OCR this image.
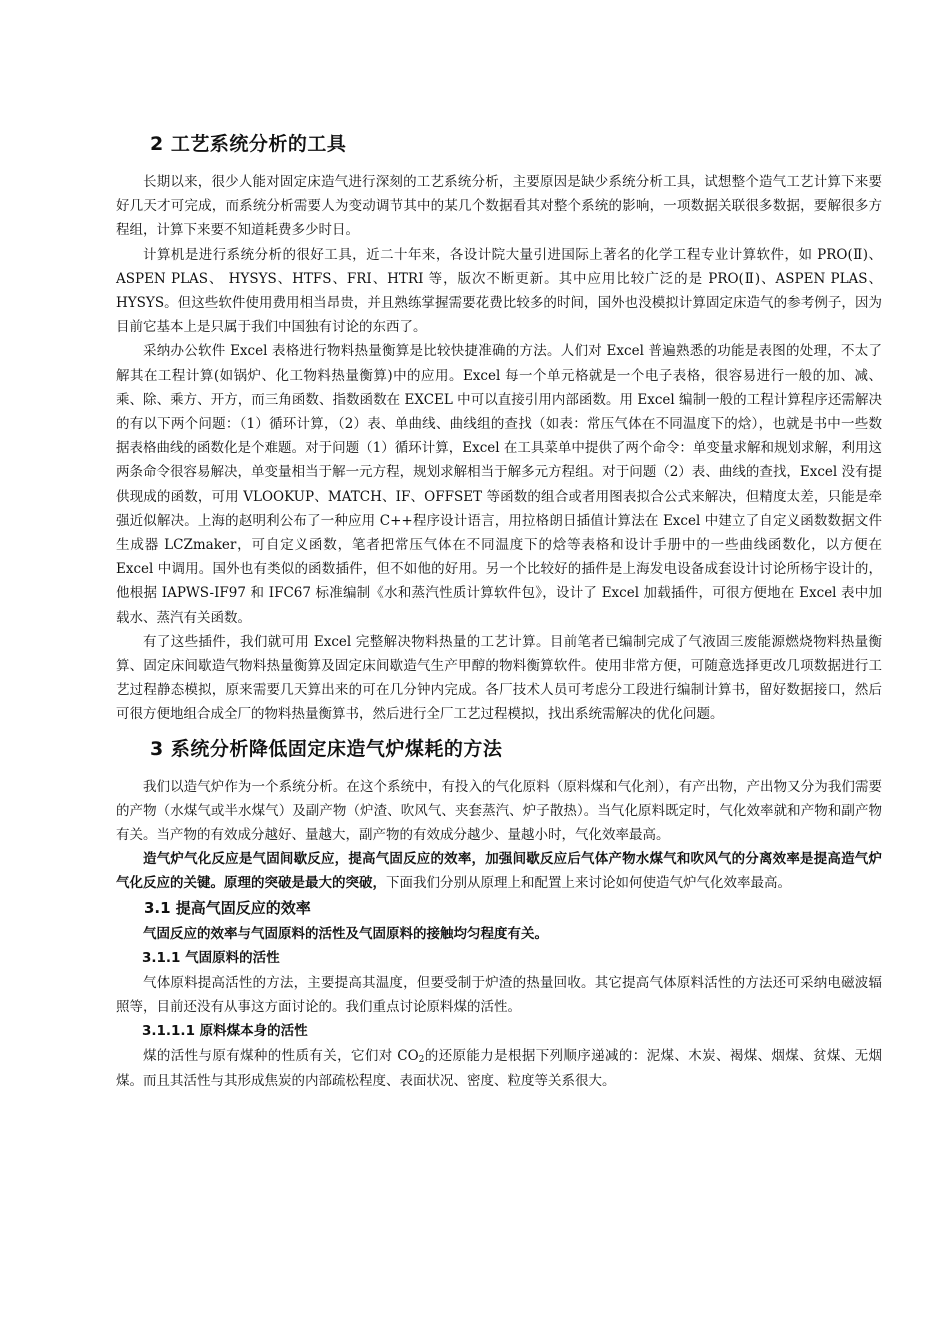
2 工艺系统分析的工具

长期以来，很少人能对固定床造气进行深刻的工艺系统分析，主要原因是缺少系统分析工具，试想整个造气工艺计算下来要好几天才可完成，而系统分析需要人为变动调节其中的某几个数据看其对整个系统的影响，一项数据关联很多数据，要解很多方程组，计算下来要不知道耗费多少时日。

计算机是进行系统分析的很好工具，近二十年来，各设计院大量引进国际上著名的化学工程专业计算软件，如 PRO(Ⅱ)、ASPEN PLAS、 HYSYS、HTFS、FRI、HTRI 等，版次不断更新。其中应用比较广泛的是 PRO(Ⅱ)、ASPEN PLAS、 HYSYS。但这些软件使用费用相当昂贵，并且熟练掌握需要花费比较多的时间，国外也没模拟计算固定床造气的参考例子，因为目前它基本上是只属于我们中国独有讨论的东西了。

采纳办公软件 Excel 表格进行物料热量衡算是比较快捷准确的方法。人们对 Excel 普遍熟悉的功能是表图的处理，不太了解其在工程计算(如锅炉、化工物料热量衡算)中的应用。Excel 每一个单元格就是一个电子表格，很容易进行一般的加、减、乘、除、乘方、开方，而三角函数、指数函数在 EXCEL 中可以直接引用内部函数。用 Excel 编制一般的工程计算程序还需解决的有以下两个问题：（1）循环计算，（2）表、单曲线、曲线组的查找（如表：常压气体在不同温度下的焓），也就是书中一些数据表格曲线的函数化是个难题。对于问题（1）循环计算，Excel 在工具菜单中提供了两个命令：单变量求解和规划求解，利用这两条命令很容易解决，单变量相当于解一元方程，规划求解相当于解多元方程组。对于问题（2）表、曲线的查找，Excel 没有提供现成的函数，可用 VLOOKUP、MATCH、IF、OFFSET 等函数的组合或者用图表拟合公式来解决，但精度太差，只能是牵强近似解决。上海的赵明利公布了一种应用 C++程序设计语言，用拉格朗日插值计算法在 Excel 中建立了自定义函数数据文件生成器 LCZmaker，可自定义函数，笔者把常压气体在不同温度下的焓等表格和设计手册中的一些曲线函数化，以方便在 Excel 中调用。国外也有类似的函数插件，但不如他的好用。另一个比较好的插件是上海发电设备成套设计讨论所杨宇设计的，他根据 IAPWS-IF97 和 IFC67 标准编制《水和蒸汽性质计算软件包》，设计了 Excel 加载插件，可很方便地在 Excel 表中加载水、蒸汽有关函数。

有了这些插件，我们就可用 Excel 完整解决物料热量的工艺计算。目前笔者已编制完成了气液固三废能源燃烧物料热量衡算、固定床间歇造气物料热量衡算及固定床间歇造气生产甲醇的物料衡算软件。使用非常方便，可随意选择更改几项数据进行工艺过程静态模拟，原来需要几天算出来的可在几分钟内完成。各厂技术人员可考虑分工段进行编制计算书，留好数据接口，然后可很方便地组合成全厂的物料热量衡算书，然后进行全厂工艺过程模拟，找出系统需解决的优化问题。

3 系统分析降低固定床造气炉煤耗的方法

我们以造气炉作为一个系统分析。在这个系统中，有投入的气化原料（原料煤和气化剂），有产出物，产出物又分为我们需要的产物（水煤气或半水煤气）及副产物（炉渣、吹风气、夹套蒸汽、炉子散热）。当气化原料既定时，气化效率就和产物和副产物有关。当产物的有效成分越好、量越大，副产物的有效成分越少、量越小时，气化效率最高。

造气炉气化反应是气固间歇反应，提高气固反应的效率，加强间歇反应后气体产物水煤气和吹风气的分离效率是提高造气炉气化反应的关键。原理的突破是最大的突破，下面我们分别从原理上和配置上来讨论如何使造气炉气化效率最高。

3.1 提高气固反应的效率

气固反应的效率与气固原料的活性及气固原料的接触均匀程度有关。

3.1.1 气固原料的活性

气体原料提高活性的方法，主要提高其温度，但要受制于炉渣的热量回收。其它提高气体原料活性的方法还可采纳电磁波辐照等，目前还没有从事这方面讨论的。我们重点讨论原料煤的活性。

3.1.1.1 原料煤本身的活性

煤的活性与原有煤种的性质有关，它们对 $CO_2$的还原能力是根据下列顺序递减的：泥煤、木炭、褐煤、烟煤、贫煤、无烟煤。而且其活性与其形成焦炭的内部疏松程度、表面状况、密度、粒度等关系很大。
